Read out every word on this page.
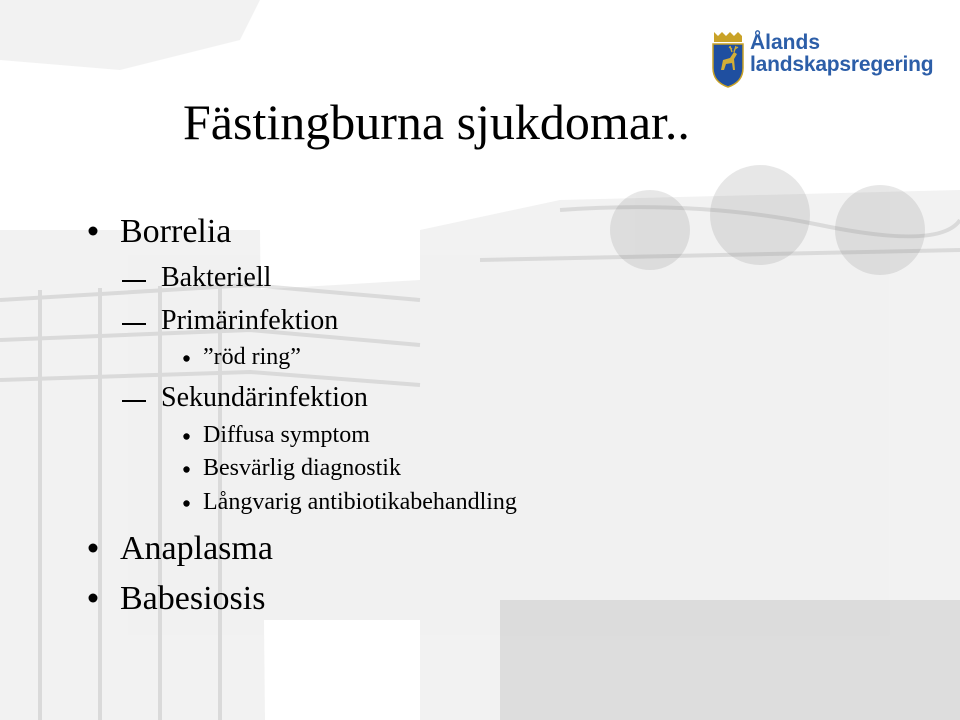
Ålands
landskapsregering
Fästingburna sjukdomar..
Borrelia
Bakteriell
Primärinfektion
”röd ring”
Sekundärinfektion
Diffusa symptom
Besvärlig diagnostik
Långvarig antibiotikabehandling
Anaplasma
Babesiosis
